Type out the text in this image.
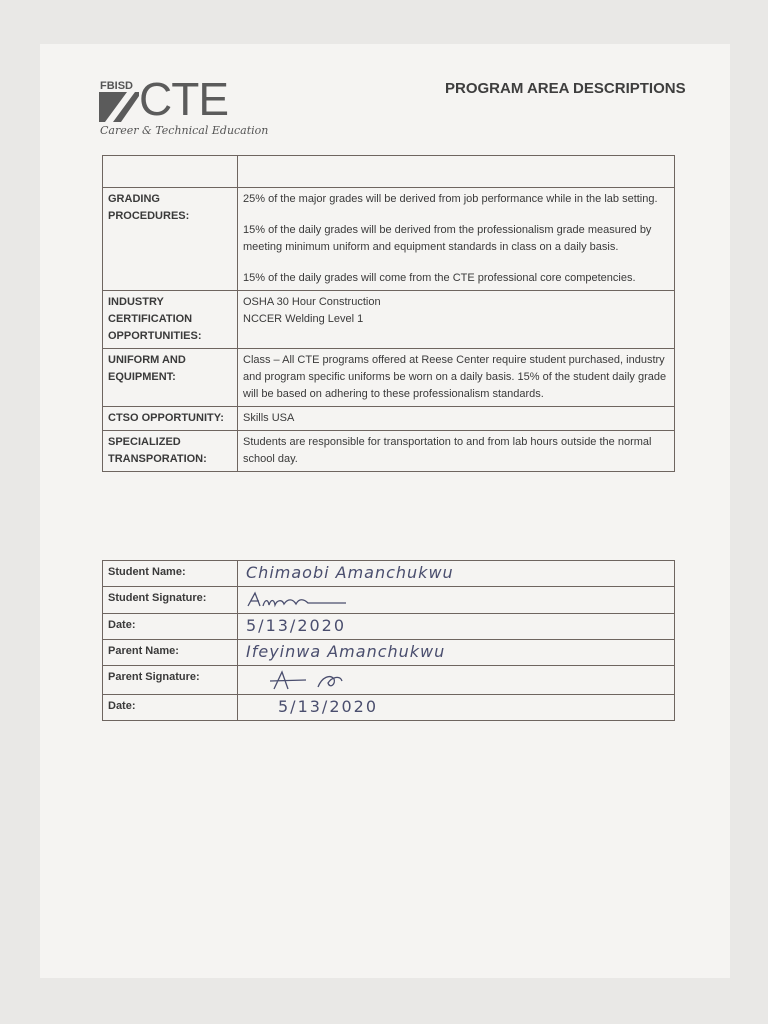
FBISD CTE
Career & Technical Education
PROGRAM AREA DESCRIPTIONS

GRADING PROCEDURES:	25% of the major grades will be derived from job performance while in the lab setting.

15% of the daily grades will be derived from the professionalism grade measured by meeting minimum uniform and equipment standards in class on a daily basis.

15% of the daily grades will come from the CTE professional core competencies.

INDUSTRY CERTIFICATION OPPORTUNITIES:	OSHA 30 Hour Construction
NCCER Welding Level 1

UNIFORM AND EQUIPMENT:	Class – All CTE programs offered at Reese Center require student purchased, industry and program specific uniforms be worn on a daily basis. 15% of the student daily grade will be based on adhering to these professionalism standards.
CTSO OPPORTUNITY:	Skills USA
SPECIALIZED TRANSPORATION:	Students are responsible for transportation to and from lab hours outside the normal school day.
Student Name:	Chimaobi Amanchukwu
Student Signature:	

Date:	5/13/2020
Parent Name:	Ifeyinwa Amanchukwu
Parent Signature:	

Date:	5/13/2020
